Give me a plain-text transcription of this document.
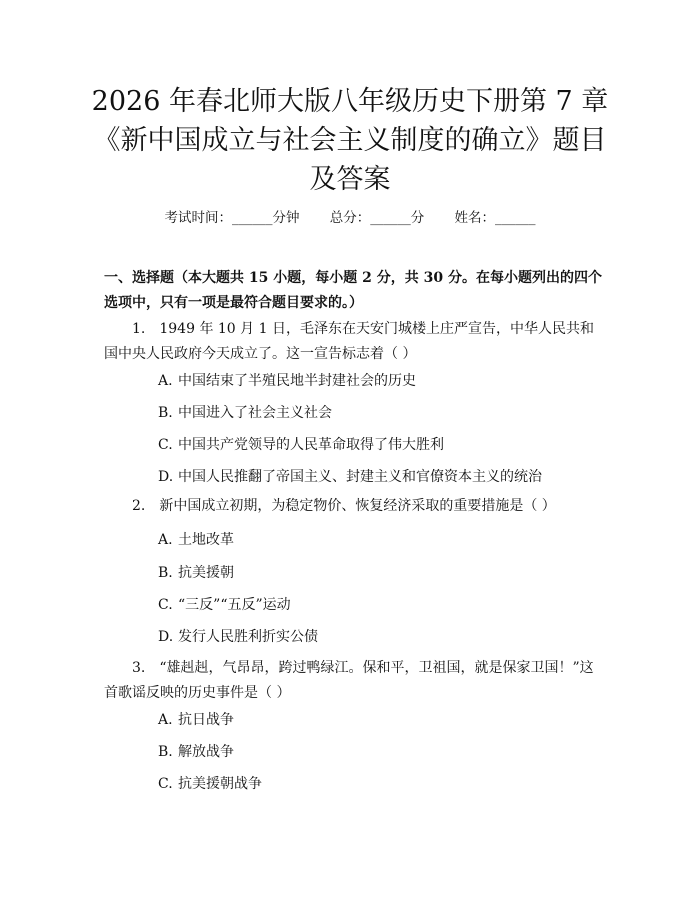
2026 年春北师大版八年级历史下册第 7 章
《新中国成立与社会主义制度的确立》题目
及答案
考试时间：______分钟 总分：______分 姓名：______
一、选择题（本大题共 15 小题，每小题 2 分，共 30 分。在每小题列出的四个选项中，只有一项是最符合题目要求的。）
1. 1949 年 10 月 1 日，毛泽东在天安门城楼上庄严宣告，中华人民共和国中央人民政府今天成立了。这一宣告标志着（ ）
A. 中国结束了半殖民地半封建社会的历史
B. 中国进入了社会主义社会
C. 中国共产党领导的人民革命取得了伟大胜利
D. 中国人民推翻了帝国主义、封建主义和官僚资本主义的统治
2. 新中国成立初期，为稳定物价、恢复经济采取的重要措施是（ ）
A. 土地改革
B. 抗美援朝
C. “三反”“五反”运动
D. 发行人民胜利折实公债
3. “雄赳赳，气昂昂，跨过鸭绿江。保和平，卫祖国，就是保家卫国！”这首歌谣反映的历史事件是（ ）
A. 抗日战争
B. 解放战争
C. 抗美援朝战争
